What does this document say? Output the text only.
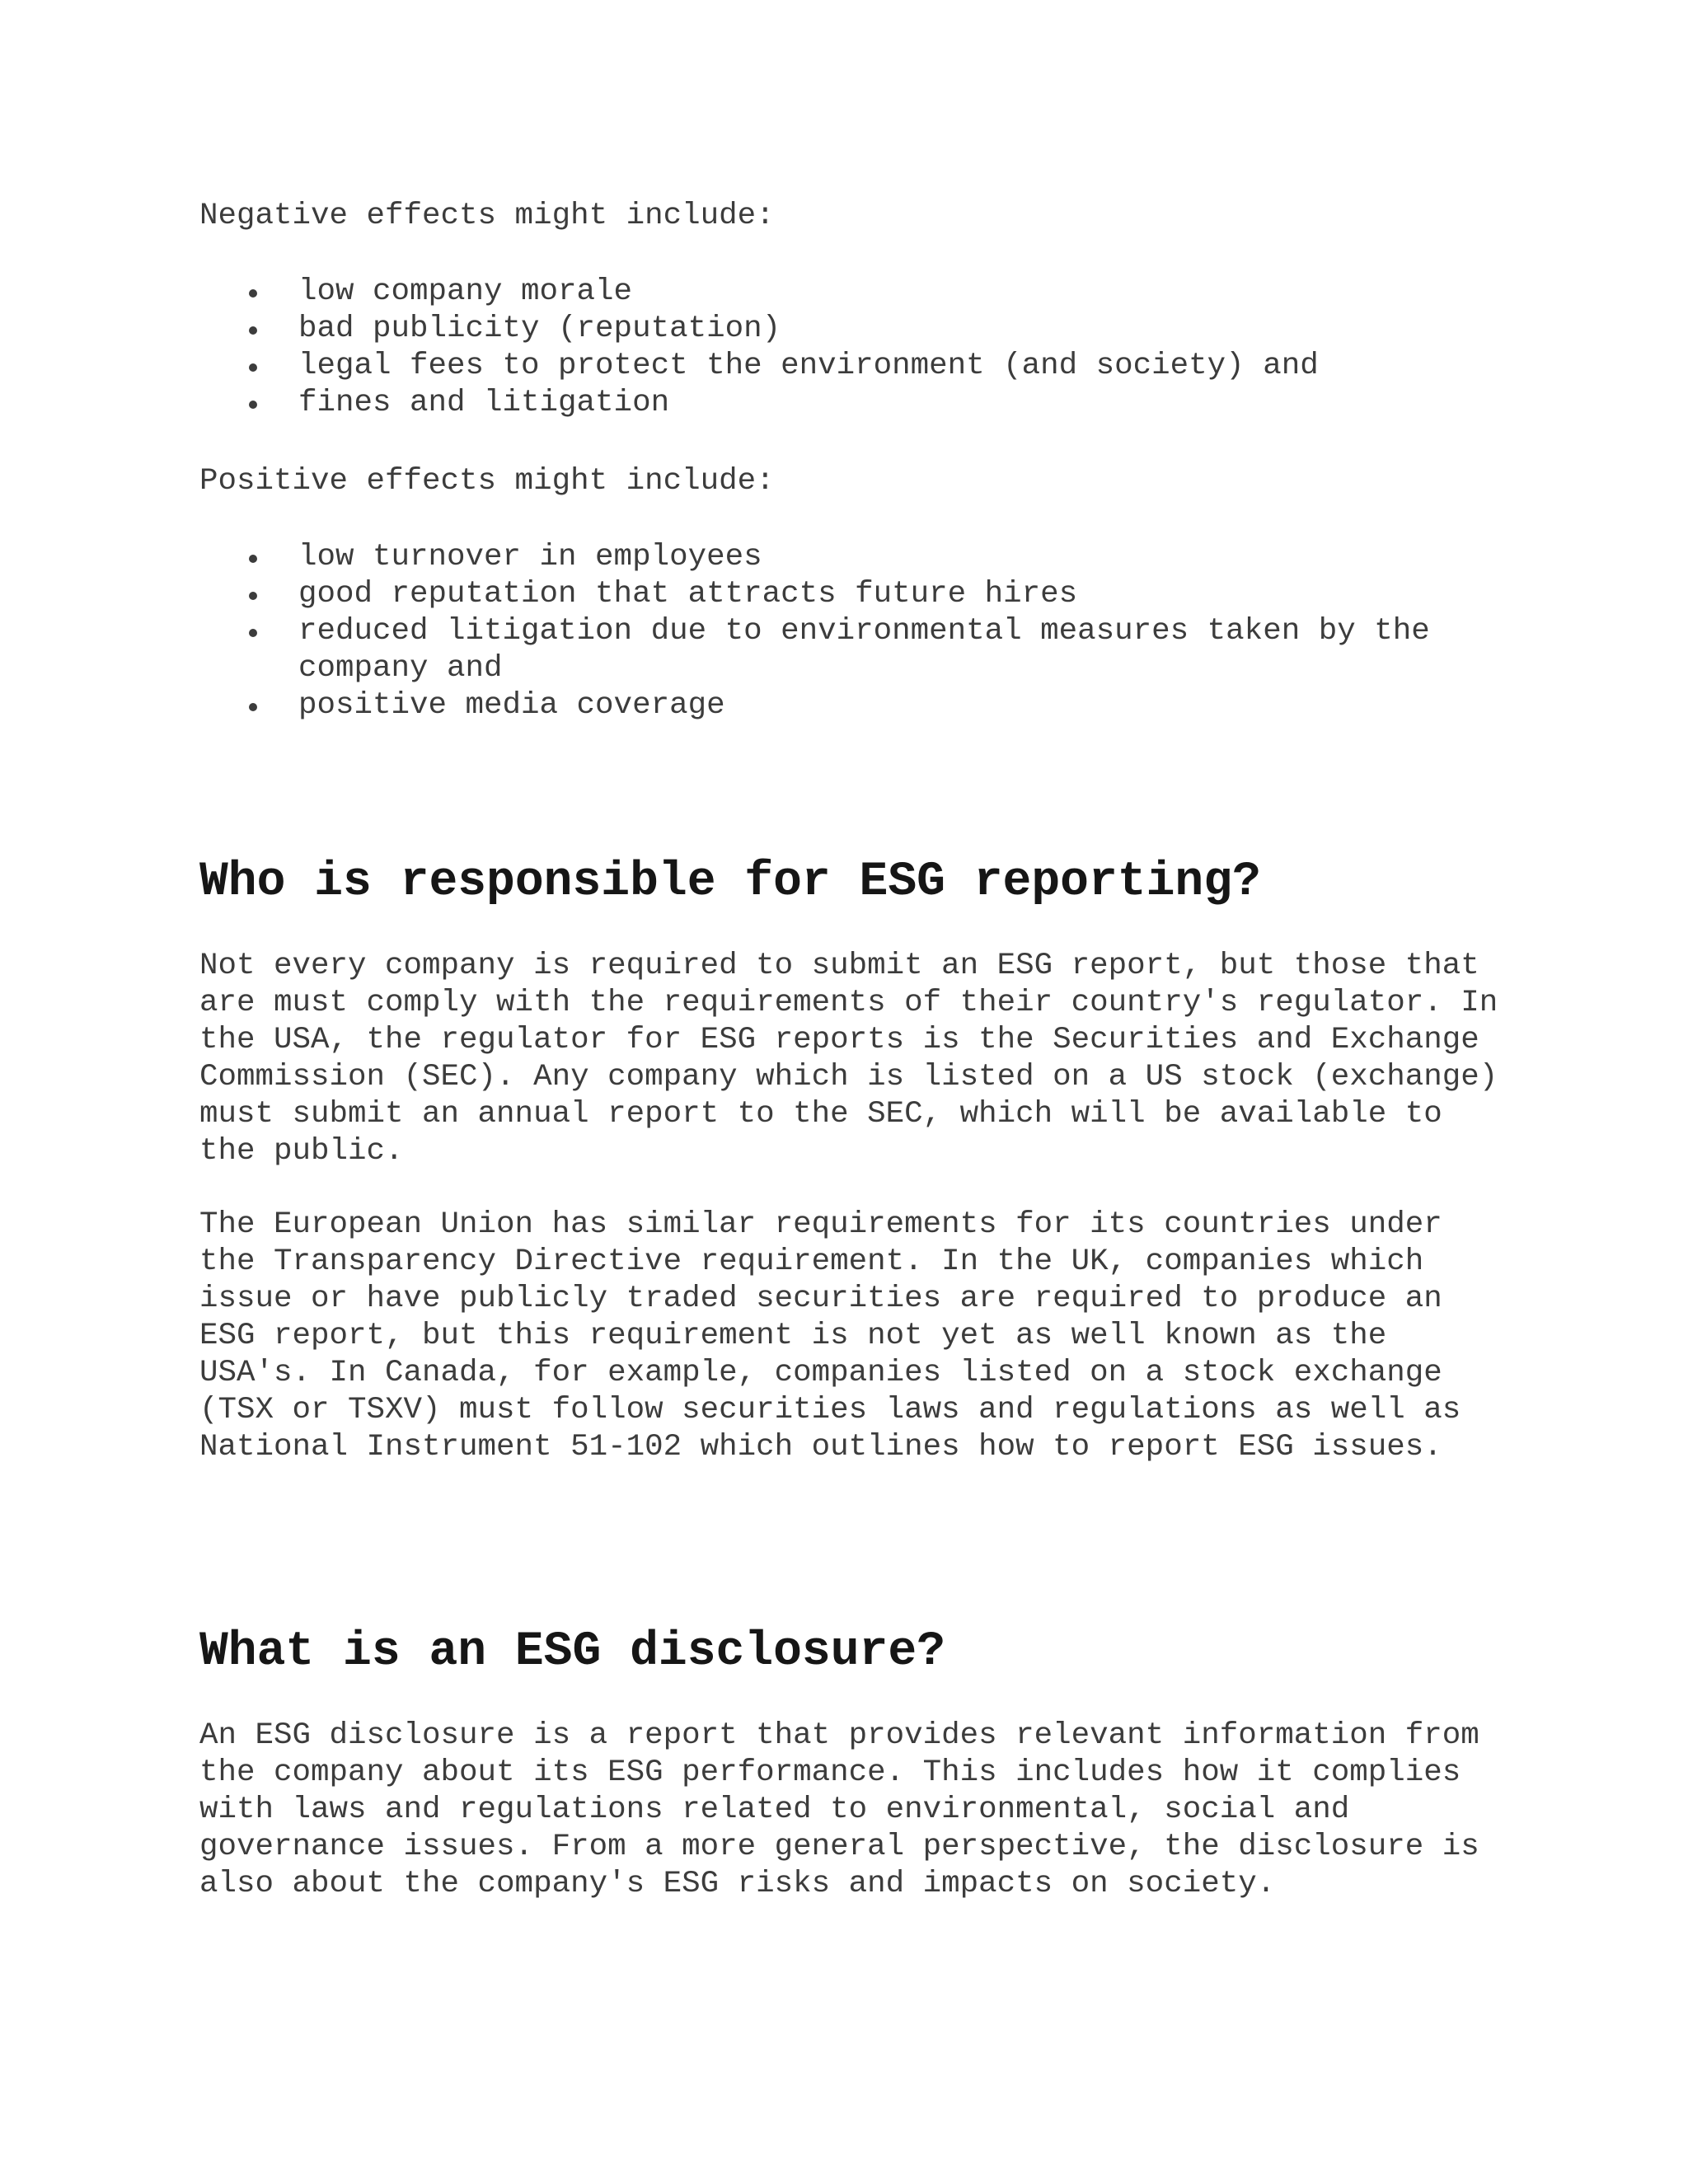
Negative effects might include:

low company morale
bad publicity (reputation)
legal fees to protect the environment (and society) and
fines and litigation

Positive effects might include:

low turnover in employees
good reputation that attracts future hires
reduced litigation due to environmental measures taken by the company and
positive media coverage
Who is responsible for ESG reporting?

Not every company is required to submit an ESG report, but those that are must comply with the requirements of their country's regulator. In the USA, the regulator for ESG reports is the Securities and Exchange Commission (SEC). Any company which is listed on a US stock (exchange) must submit an annual report to the SEC, which will be available to the public.

The European Union has similar requirements for its countries under the Transparency Directive requirement. In the UK, companies which issue or have publicly traded securities are required to produce an ESG report, but this requirement is not yet as well known as the USA's. In Canada, for example, companies listed on a stock exchange (TSX or TSXV) must follow securities laws and regulations as well as National Instrument 51-102 which outlines how to report ESG issues.

What is an ESG disclosure?

An ESG disclosure is a report that provides relevant information from the company about its ESG performance. This includes how it complies with laws and regulations related to environmental, social and governance issues. From a more general perspective, the disclosure is also about the company's ESG risks and impacts on society.
